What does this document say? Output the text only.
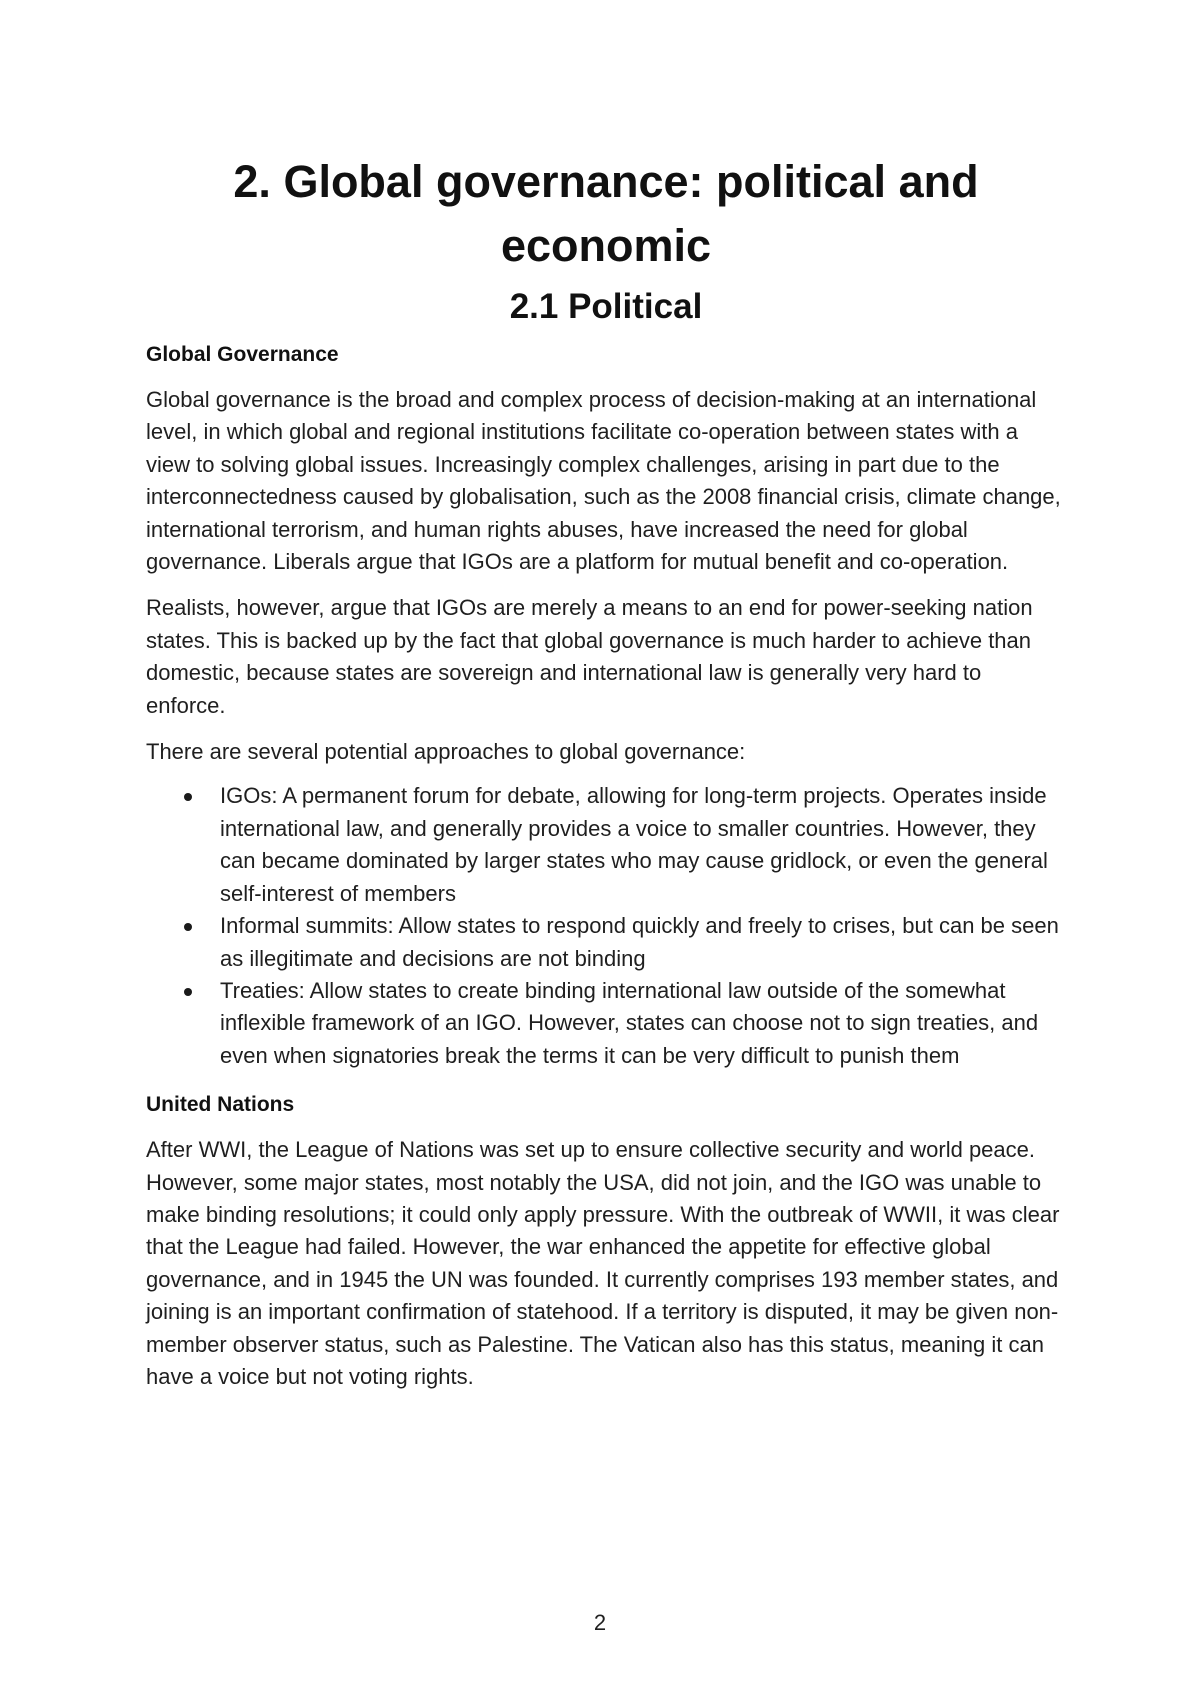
2. Global governance: political and economic
2.1 Political
Global Governance

Global governance is the broad and complex process of decision-making at an international level, in which global and regional institutions facilitate co-operation between states with a view to solving global issues. Increasingly complex challenges, arising in part due to the interconnectedness caused by globalisation, such as the 2008 financial crisis, climate change, international terrorism, and human rights abuses, have increased the need for global governance. Liberals argue that IGOs are a platform for mutual benefit and co-operation.

Realists, however, argue that IGOs are merely a means to an end for power-seeking nation states. This is backed up by the fact that global governance is much harder to achieve than domestic, because states are sovereign and international law is generally very hard to enforce.

There are several potential approaches to global governance:

IGOs: A permanent forum for debate, allowing for long-term projects. Operates inside international law, and generally provides a voice to smaller countries. However, they can became dominated by larger states who may cause gridlock, or even the general self-interest of members
Informal summits: Allow states to respond quickly and freely to crises, but can be seen as illegitimate and decisions are not binding
Treaties: Allow states to create binding international law outside of the somewhat inflexible framework of an IGO. However, states can choose not to sign treaties, and even when signatories break the terms it can be very difficult to punish them
United Nations

After WWI, the League of Nations was set up to ensure collective security and world peace. However, some major states, most notably the USA, did not join, and the IGO was unable to make binding resolutions; it could only apply pressure. With the outbreak of WWII, it was clear that the League had failed. However, the war enhanced the appetite for effective global governance, and in 1945 the UN was founded. It currently comprises 193 member states, and joining is an important confirmation of statehood. If a territory is disputed, it may be given non-member observer status, such as Palestine. The Vatican also has this status, meaning it can have a voice but not voting rights.

2
